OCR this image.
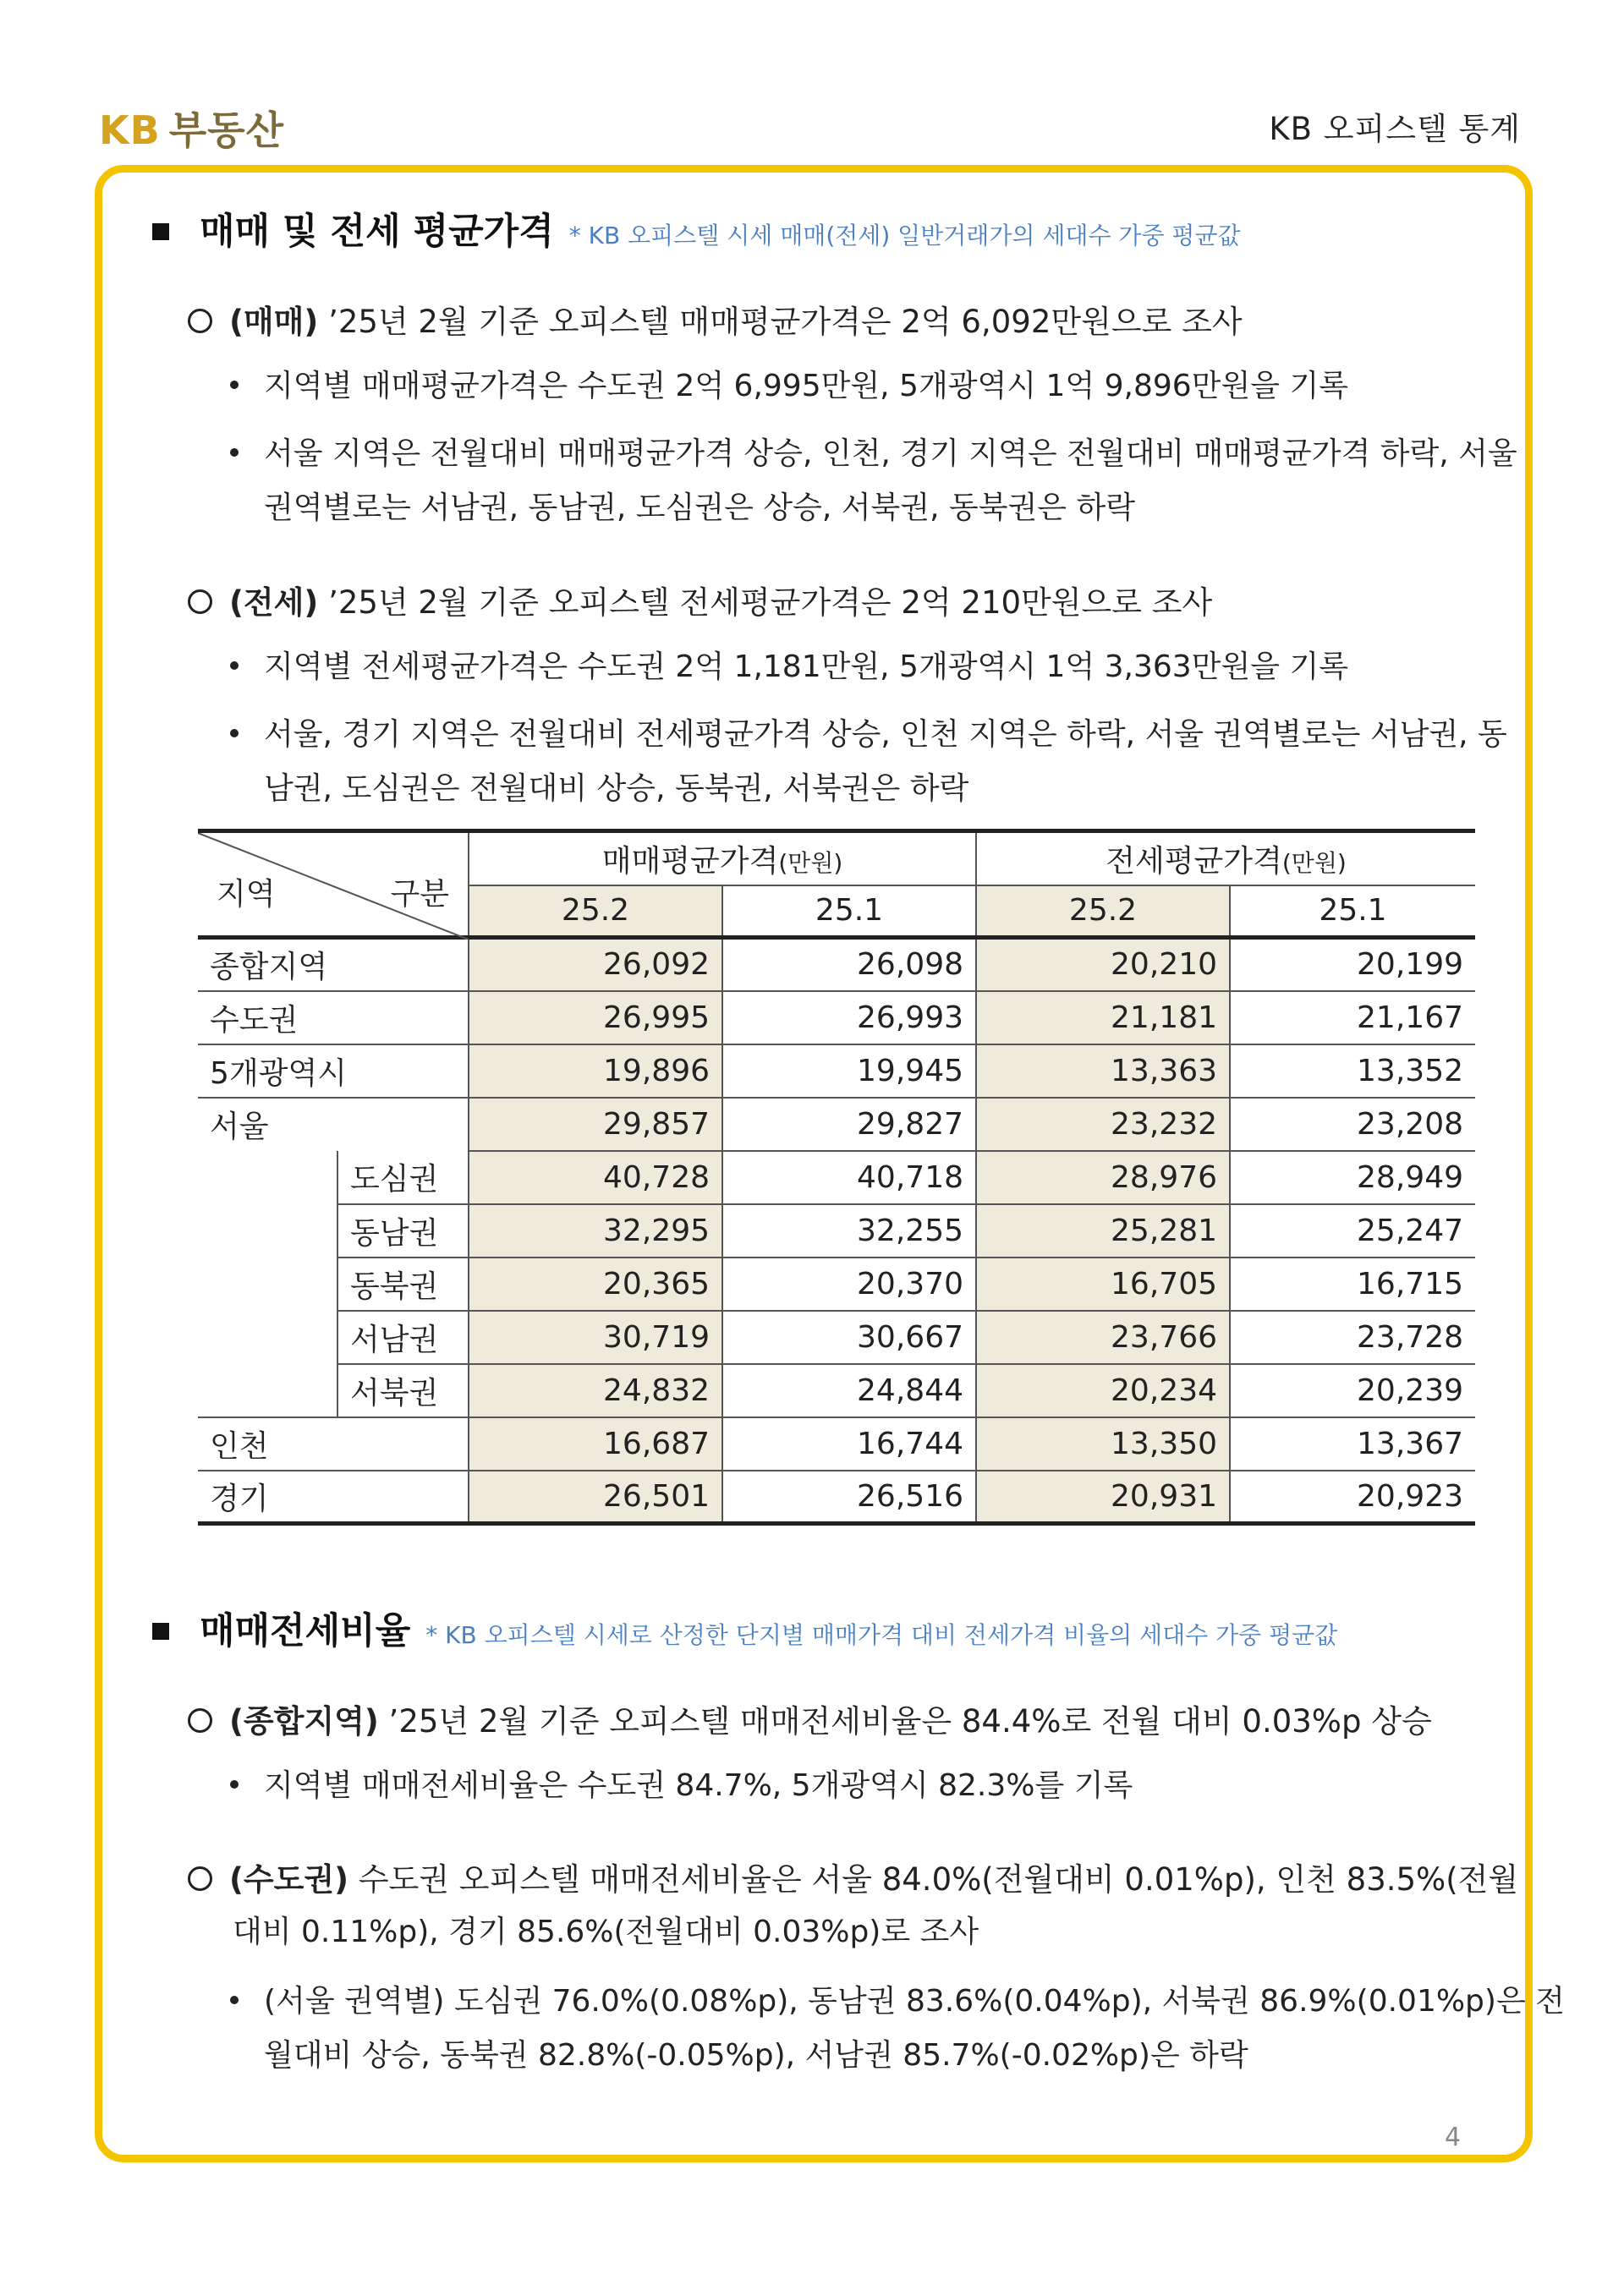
KB 부동산	KB 오피스텔 통계
매매 및 전세 평균가격 * KB 오피스텔 시세 매매(전세) 일반거래가의 세대수 가중 평균값
(매매) ’25년 2월 기준 오피스텔 매매평균가격은 2억 6,092만원으로 조사
지역별 매매평균가격은 수도권 2억 6,995만원, 5개광역시 1억 9,896만원을 기록
서울 지역은 전월대비 매매평균가격 상승, 인천, 경기 지역은 전월대비 매매평균가격 하락, 서울
권역별로는 서남권, 동남권, 도심권은 상승, 서북권, 동북권은 하락
(전세) ’25년 2월 기준 오피스텔 전세평균가격은 2억 210만원으로 조사
지역별 전세평균가격은 수도권 2억 1,181만원, 5개광역시 1억 3,363만원을 기록
서울, 경기 지역은 전월대비 전세평균가격 상승, 인천 지역은 하락, 서울 권역별로는 서남권, 동
남권, 도심권은 전월대비 상승, 동북권, 서북권은 하락
지역 구분		매매평균가격(만원)		전세평균가격(만원)	
		25.2	25.1	25.2	25.1
종합지역		26,092	26,098	20,210	20,199
수도권		26,995	26,993	21,181	21,167
5개광역시		19,896	19,945	13,363	13,352
서울		29,857	29,827	23,232	23,208
	도심권	40,728	40,718	28,976	28,949
	동남권	32,295	32,255	25,281	25,247
	동북권	20,365	20,370	16,705	16,715
	서남권	30,719	30,667	23,766	23,728
	서북권	24,832	24,844	20,234	20,239
인천		16,687	16,744	13,350	13,367
경기		26,501	26,516	20,931	20,923
매매전세비율 * KB 오피스텔 시세로 산정한 단지별 매매가격 대비 전세가격 비율의 세대수 가중 평균값
(종합지역) ’25년 2월 기준 오피스텔 매매전세비율은 84.4%로 전월 대비 0.03%p 상승
지역별 매매전세비율은 수도권 84.7%, 5개광역시 82.3%를 기록
(수도권) 수도권 오피스텔 매매전세비율은 서울 84.0%(전월대비 0.01%p), 인천 83.5%(전월
대비 0.11%p), 경기 85.6%(전월대비 0.03%p)로 조사
(서울 권역별) 도심권 76.0%(0.08%p), 동남권 83.6%(0.04%p), 서북권 86.9%(0.01%p)은 전
월대비 상승, 동북권 82.8%(-0.05%p), 서남권 85.7%(-0.02%p)은 하락
4
